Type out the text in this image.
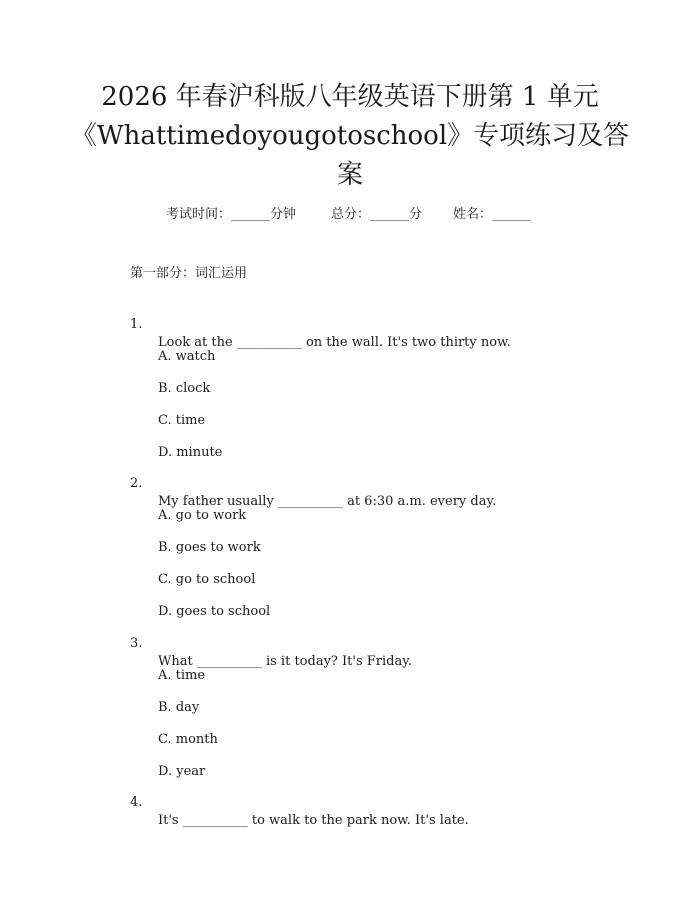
2026 年春沪科版八年级英语下册第 1 单元
《Whattimedoyougotoschool》专项练习及答
案
考试时间：______分钟	总分：______分 姓名：______
第一部分：词汇运用

1.

Look at the __________ on the wall. It's two thirty now.

A. watch

B. clock

C. time

D. minute

2.

My father usually __________ at 6:30 a.m. every day.

A. go to work

B. goes to work

C. go to school

D. goes to school

3.

What __________ is it today? It's Friday.

A. time

B. day

C. month

D. year

4.

It's __________ to walk to the park now. It's late.
